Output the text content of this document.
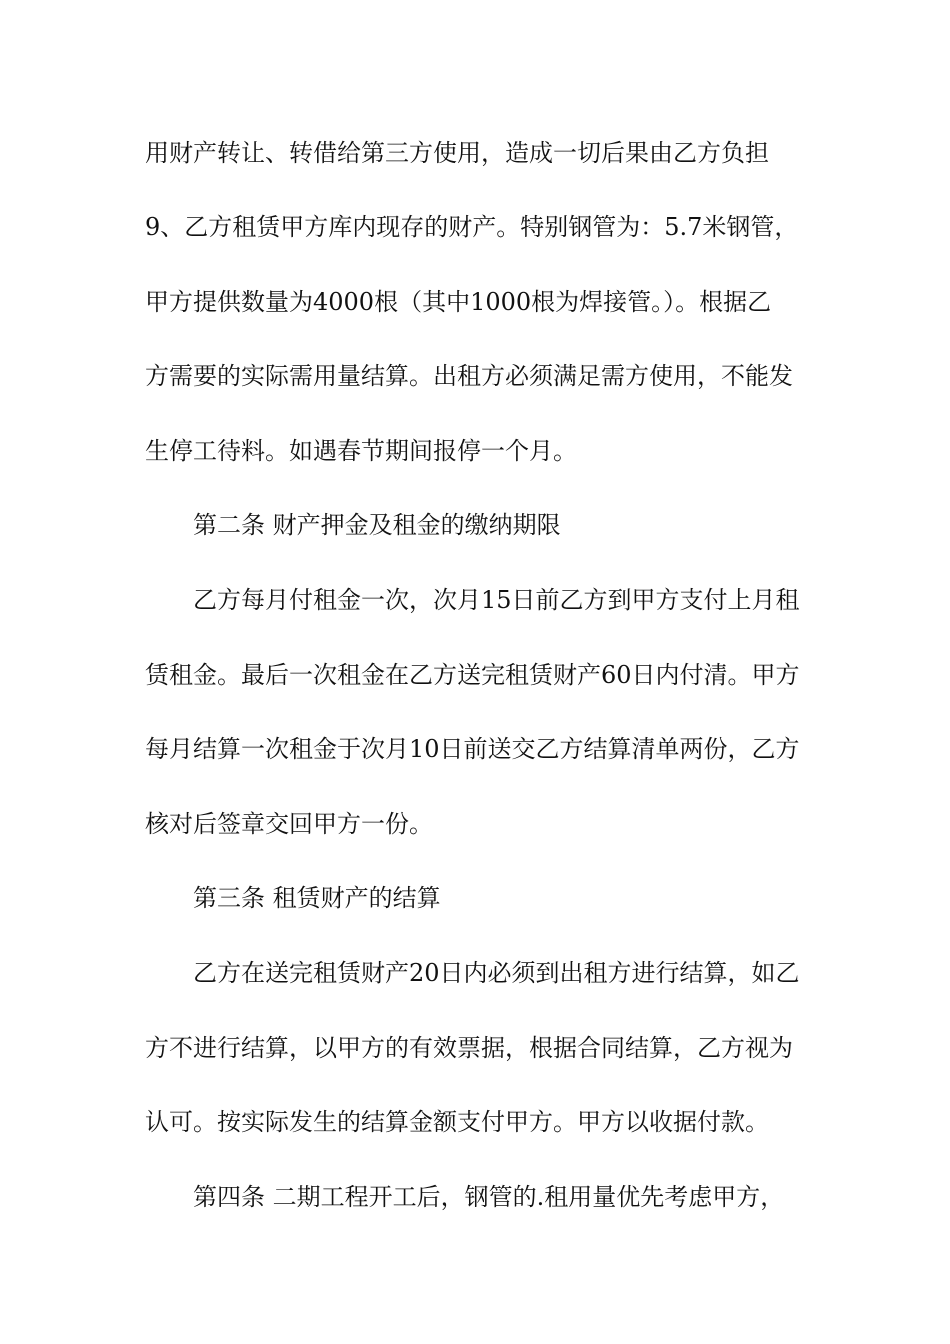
用财产转让、转借给第三方使用，造成一切后果由乙方负担
9、乙方租赁甲方库内现存的财产。特别钢管为：5.7米钢管，
甲方提供数量为4000根（其中1000根为焊接管。）。根据乙
方需要的实际需用量结算。出租方必须满足需方使用，不能发
生停工待料。如遇春节期间报停一个月。
第二条 财产押金及租金的缴纳期限
乙方每月付租金一次，次月15日前乙方到甲方支付上月租
赁租金。最后一次租金在乙方送完租赁财产60日内付清。甲方
每月结算一次租金于次月10日前送交乙方结算清单两份，乙方
核对后签章交回甲方一份。
第三条 租赁财产的结算
乙方在送完租赁财产20日内必须到出租方进行结算，如乙
方不进行结算，以甲方的有效票据，根据合同结算，乙方视为
认可。按实际发生的结算金额支付甲方。甲方以收据付款。
第四条 二期工程开工后，钢管的.租用量优先考虑甲方，
